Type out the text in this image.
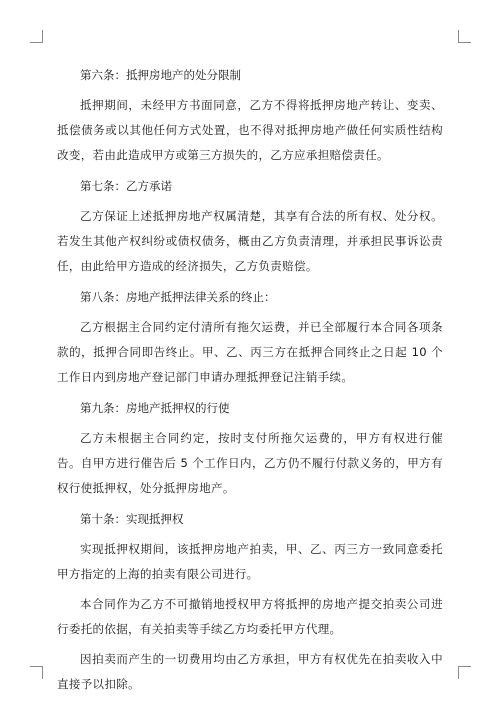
第六条：抵押房地产的处分限制

抵押期间，未经甲方书面同意，乙方不得将抵押房地产转让、变卖、抵偿债务或以其他任何方式处置，也不得对抵押房地产做任何实质性结构改变，若由此造成甲方或第三方损失的，乙方应承担赔偿责任。

第七条：乙方承诺

乙方保证上述抵押房地产权属清楚，其享有合法的所有权、处分权。若发生其他产权纠纷或债权债务，概由乙方负责清理，并承担民事诉讼责任，由此给甲方造成的经济损失，乙方负责赔偿。

第八条：房地产抵押法律关系的终止：

乙方根据主合同约定付清所有拖欠运费，并已全部履行本合同各项条款的，抵押合同即告终止。甲、乙、丙三方在抵押合同终止之日起 10 个工作日内到房地产登记部门申请办理抵押登记注销手续。

第九条：房地产抵押权的行使

乙方未根据主合同约定，按时支付所拖欠运费的，甲方有权进行催告。自甲方进行催告后 5 个工作日内，乙方仍不履行付款义务的，甲方有权行使抵押权，处分抵押房地产。

第十条：实现抵押权

实现抵押权期间，该抵押房地产拍卖，甲、乙、丙三方一致同意委托甲方指定的上海的拍卖有限公司进行。

本合同作为乙方不可撤销地授权甲方将抵押的房地产提交拍卖公司进行委托的依据，有关拍卖等手续乙方均委托甲方代理。

因拍卖而产生的一切费用均由乙方承担，甲方有权优先在拍卖收入中直接予以扣除。
